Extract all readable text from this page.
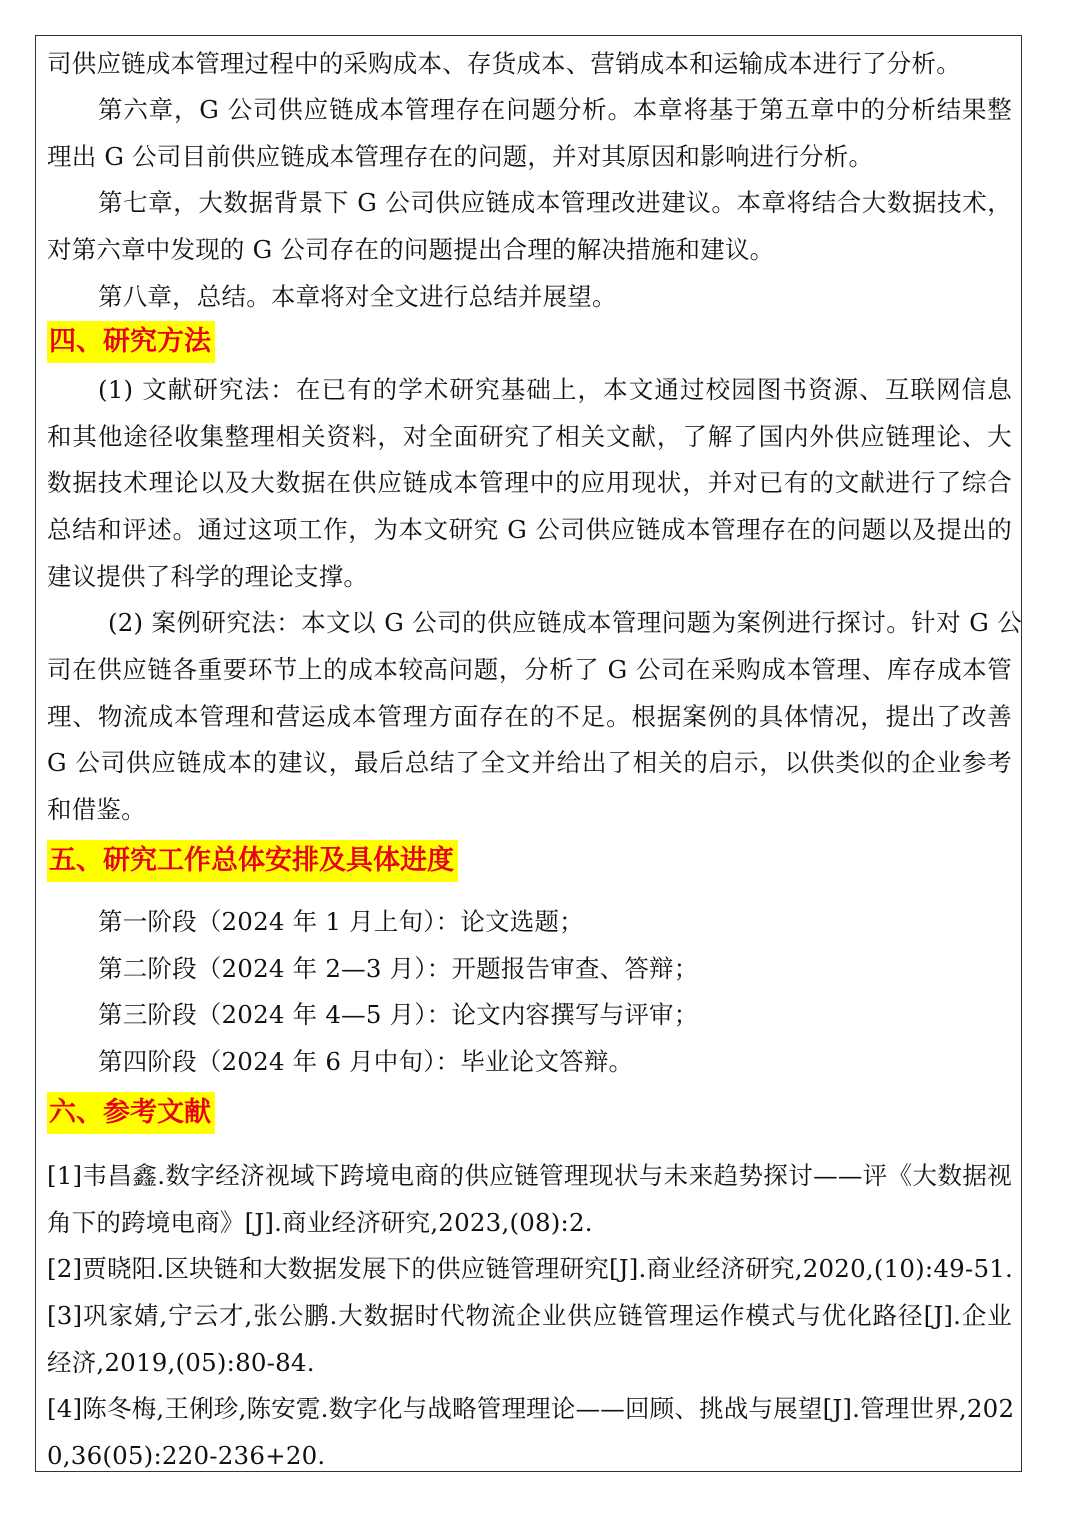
司供应链成本管理过程中的采购成本、存货成本、营销成本和运输成本进行了分析。
第六章，G 公司供应链成本管理存在问题分析。本章将基于第五章中的分析结果整
理出 G 公司目前供应链成本管理存在的问题，并对其原因和影响进行分析。
第七章，大数据背景下 G 公司供应链成本管理改进建议。本章将结合大数据技术，
对第六章中发现的 G 公司存在的问题提出合理的解决措施和建议。
第八章，总结。本章将对全文进行总结并展望。
四、研究方法
(1) 文献研究法：在已有的学术研究基础上，本文通过校园图书资源、互联网信息
和其他途径收集整理相关资料，对全面研究了相关文献，了解了国内外供应链理论、大
数据技术理论以及大数据在供应链成本管理中的应用现状，并对已有的文献进行了综合
总结和评述。通过这项工作，为本文研究 G 公司供应链成本管理存在的问题以及提出的
建议提供了科学的理论支撑。
(2) 案例研究法：本文以 G 公司的供应链成本管理问题为案例进行探讨。针对 G 公
司在供应链各重要环节上的成本较高问题，分析了 G 公司在采购成本管理、库存成本管
理、物流成本管理和营运成本管理方面存在的不足。根据案例的具体情况，提出了改善
G 公司供应链成本的建议，最后总结了全文并给出了相关的启示，以供类似的企业参考
和借鉴。
五、研究工作总体安排及具体进度
第一阶段（2024 年 1 月上旬）：论文选题；
第二阶段（2024 年 2—3 月）：开题报告审查、答辩；
第三阶段（2024 年 4—5 月）：论文内容撰写与评审；
第四阶段（2024 年 6 月中旬）：毕业论文答辩。
六、参考文献
[1]韦昌鑫.数字经济视域下跨境电商的供应链管理现状与未来趋势探讨——评《大数据视
角下的跨境电商》[J].商业经济研究,2023,(08):2.
[2]贾晓阳.区块链和大数据发展下的供应链管理研究[J].商业经济研究,2020,(10):49-51.
[3]巩家婧,宁云才,张公鹏.大数据时代物流企业供应链管理运作模式与优化路径[J].企业
经济,2019,(05):80-84.
[4]陈冬梅,王俐珍,陈安霓.数字化与战略管理理论——回顾、挑战与展望[J].管理世界,202
0,36(05):220-236+20.
